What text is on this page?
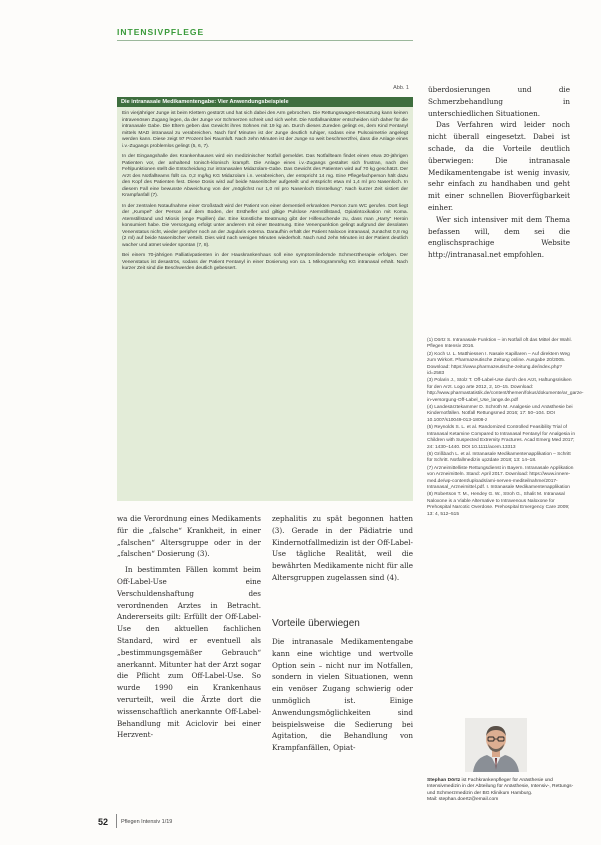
INTENSIVPFLEGE
Abb. 1
Die intranasale Medikamentengabe: Vier Anwendungsbeispiele

Ein vierjähriger Junge ist beim Klettern gestürzt und hat sich dabei den Arm gebrochen. Die Rettungswagen-Besatzung kann keinen intravenösen Zugang legen, da der Junge vor Schmerzen schreit und sich wehrt. Die Notfallsanitäter entscheiden sich daher für die intranasale Gabe. Die Eltern geben das Gewicht ihres Sohnes mit 19 kg an. Durch dieses Zureden gelingt es, dem Kind Fentanyl mittels MAD intranasal zu verabreichen. Nach fünf Minuten ist der Junge deutlich ruhiger, sodass eine Pulsoximetrie angelegt werden kann. Diese zeigt 97 Prozent bei Raumluft. Nach zehn Minuten ist der Junge so weit beschmerzfrei, dass die Anlage eines i.v.-Zugangs problemlos gelingt (5, 6, 7).

In der Eingangshalle des Krankenhauses wird ein medizinischer Notfall gemeldet. Das Notfallteam findet einen etwa 20-jährigen Patienten vor, der anhaltend tonisch-klonisch krampft. Die Anlage eines i.v.-Zugangs gestaltet sich frustran, nach drei Fehlpunktionen stellt die Entscheidung zur intranasalen Midazolam-Gabe. Das Gewicht des Patienten wird auf 70 kg geschätzt. Der Arzt des Notfallteams füllt ca. 0,2 mg/kg KG Midazolam i.n. verabreichen, der entspricht 14 mg. Eine Pflegefachperson hält dazu den Kopf des Patienten fest. Diese Dosis wird auf beide Nasenlöcher aufgeteilt und entspricht etwa ml 1,4 ml pro Nasenloch. In diesem Fall eine bewusste Abweichung von der „möglichst nur 1,0 ml pro Nasenloch Einstellung“. Nach kurzer Zeit sistiert der Krampfanfall (7).

In der zentralen Notaufnahme einer Großstadt wird der Patient von einer dementiell erkrankten Person zum WC gerufen. Dort liegt der „Kumpel“ der Person auf dem Boden, der Ersthelfer und giltige Pulslose Atemstillstand, Opiatintoxikation mit Koma. Atemstillstand und Miosis (enge Pupillen) dar. Eine künstliche Beatmung gibt der Hilfesuchende zu, dass man „Harry“ Heroin konsumiert habe. Die Versorgung erfolgt unter anderem mit einer Beatmung. Eine Venenpunktion gelingt aufgrund der desolaten Venenstatus nicht, wieder peripher noch an der Jugularis externa. Daraufhin erhält der Patient Naloxon intranasal, zunächst 0,8 mg (2 ml) auf beide Nasenlöcher verteilt. Dies wird nach wenigen Minuten wiederholt. Nach rund zehn Minuten ist der Patient deutlich wacher und atmet wieder spontan (7, 8).

Bei einem 70-jährigen Palliativpatienten in der Hauskrankenhaus soll eine symptomlindernde Schmerztherapie erfolgen. Der Venenstatus ist desaströs, sodass der Patient Fentanyl in einer Dosierung von ca. 1 Mikrogramm/kg KG intranasal erhält. Nach kurzer Zeit sind die Beschwerden deutlich gebessert.

wa die Verordnung eines Medikaments für die „falsche“ Krankheit, in einer „falschen“ Altersgruppe oder in der „falschen“ Dosierung (3).

In bestimmten Fällen kommt beim Off-Label-Use eine Verschuldenshaftung des verordnenden Arztes in Betracht. Andererseits gilt: Erfüllt der Off-Label-Use den aktuellen fachlichen Standard, wird er eventuell als „bestimmungsgemäßer Gebrauch“ anerkannt. Mitunter hat der Arzt sogar die Pflicht zum Off-Label-Use. So wurde 1990 ein Krankenhaus verurteilt, weil die Ärzte dort die wissenschaftlich anerkannte Off-Label-Behandlung mit Aciclovir bei einer Herzvent-

zephalitis zu spät begonnen hatten (3). Gerade in der Pädiatrie und Kindernotfallmedizin ist der Off-Label-Use tägliche Realität, weil die bewährten Medikamente nicht für alle Altersgruppen zugelassen sind (4).

Vorteile überwiegen

Die intranasale Medikamentengabe kann eine wichtige und wertvolle Option sein – nicht nur im Notfallen, sondern in vielen Situationen, wenn ein venöser Zugang schwierig oder unmöglich ist. Einige Anwendungsmöglichkeiten sind beispielsweise die Sedierung bei Agitation, die Behandlung von Krampfanfällen, Opiat-

überdosierungen und die Schmerzbehandlung in unterschiedlichen Situationen.

Das Verfahren wird leider noch nicht überall eingesetzt. Dabei ist schade, da die Vorteile deutlich überwiegen: Die intranasale Medikamentengabe ist wenig invasiv, sehr einfach zu handhaben und geht mit einer schnellen Bioverfügbarkeit einher.

Wer sich intensiver mit dem Thema befassen will, dem sei die englischsprachige Website http://intranasal.net empfohlen.

(1) Dörtz S. Intranasale Funktion – im Notfall oft das Mittel der Wahl. Pflegen Intensiv 2016.
(2) Koch U. L. Matthiessen I. Nasale Kapillaren – Auf direktem Weg zum Wirkort. Pharmazeutische Zeitung online. Ausgabe 20/2005. Download: https://www.pharmazeutische-zeitung.de/index.php?id=2583
(3) Polarin J., Stolz T. Off-Label-Use durch den Arzt, Haftungsrisiken für den Arzt. Logo arte 2012, 2, 10–15. Download: http://www.pharmastatistik.de/content/themen/fokus/dokumente/ar_garze-in-versorgung-Off-Label_Use_lange.de.pdf
(4) Landesärztekammer D. Schroth M. Analgesie und Anästhesie bei Kindernotfällen. Notfall Rettungsmed 2016; 17: 50–104. DOI 10.1007/s10049-013-1808-z
(5) Reynolds S. L. et al. Randomized Controlled Feasibility Trial of Intranasal Ketamine Compared to Intranasal Fentanyl for Analgesia in Children with Suspected Extremity Fractures. Acad Emerg Med 2017; 24: 1430–1440. DOI 10.1111/acem.13313
(6) Grißbach L. et al. Intranasale Medikamentenapplikation – Schritt für Schritt. Notfallmedizin up2date 2018; 13: 14–18.
(7) Arzneimittelliste Rettungsdienst in Bayern. Intranasale Applikation von Arzneimitteln. Stand: April 2017. Download: https://www.innere-med.de/wp-content/uploads/ami-nerven-mediteilnahme/2017-Intranasal_Arzneimittel.pdf. I. Intranasale Medikamentenapplikation
(8) Robertson T. M., Hendey G. W., Stroh G., Shalit M. Intranasal Naloxone is a Viable Alternative to Intravenous Naloxone for Prehospital Narcotic Overdose. Prehospital Emergency Care 2009; 13: 4, 512–515
Stephan Dörtz ist Fachkrankenpfleger für Anästhesie und Intensivmedizin in der Abteilung für Anästhesie, Intensiv-, Rettungs- und Schmerzmedizin der BG Klinikum Hamburg.
Mail: stephan.doertz@email.com
52 Pflegen Intensiv 1/19
